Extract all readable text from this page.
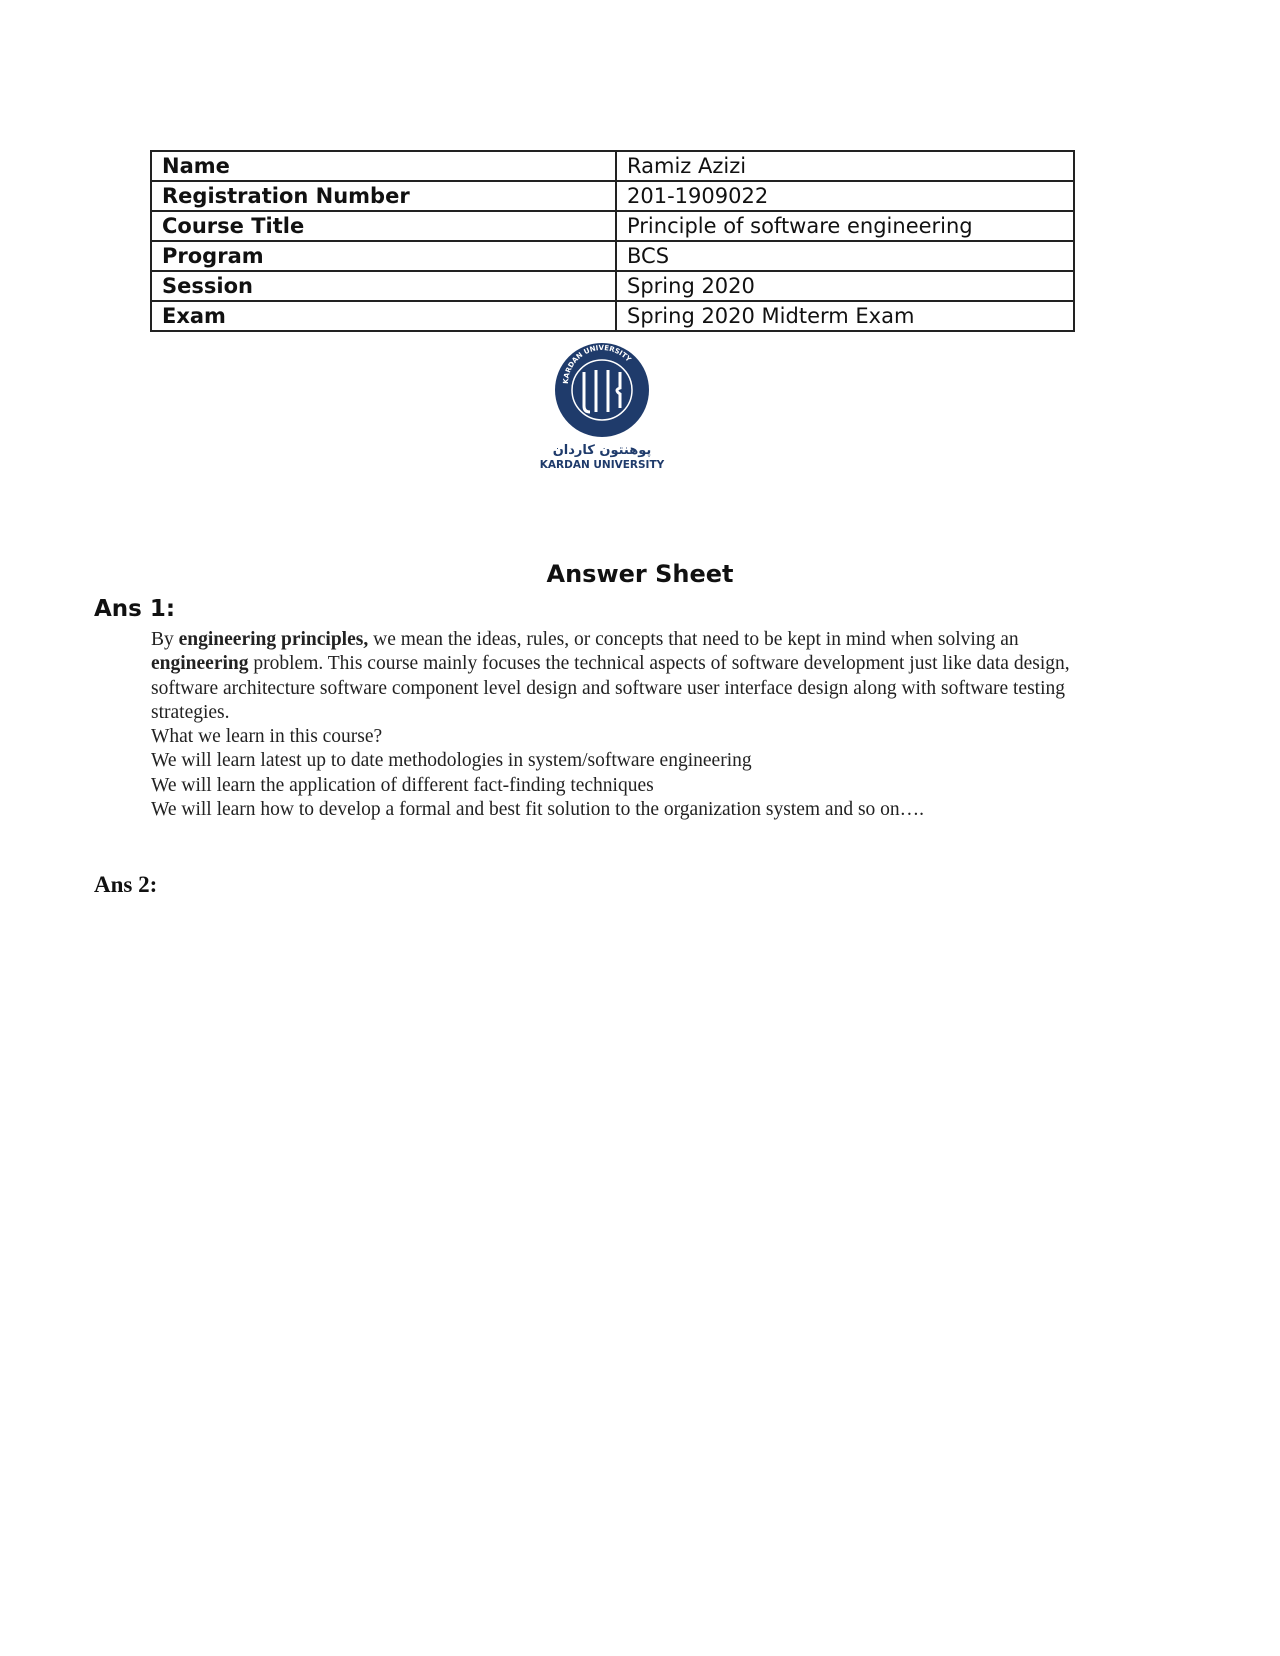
Name	Ramiz Azizi
Registration Number	201-1909022
Course Title	Principle of software engineering
Program	BCS
Session	Spring 2020
Exam	Spring 2020 Midterm Exam
KARDAN UNIVERSITY
پوهنتون کاردان
KARDAN UNIVERSITY
Answer Sheet
Ans 1:

By engineering principles, we mean the ideas, rules, or concepts that need to be kept in mind when solving an engineering problem. This course mainly focuses the technical aspects of software development just like data design, software architecture software component level design and software user interface design along with software testing strategies.

What we learn in this course?

We will learn latest up to date methodologies in system/software engineering

We will learn the application of different fact-finding techniques

We will learn how to develop a formal and best fit solution to the organization system and so on….

Ans 2:
